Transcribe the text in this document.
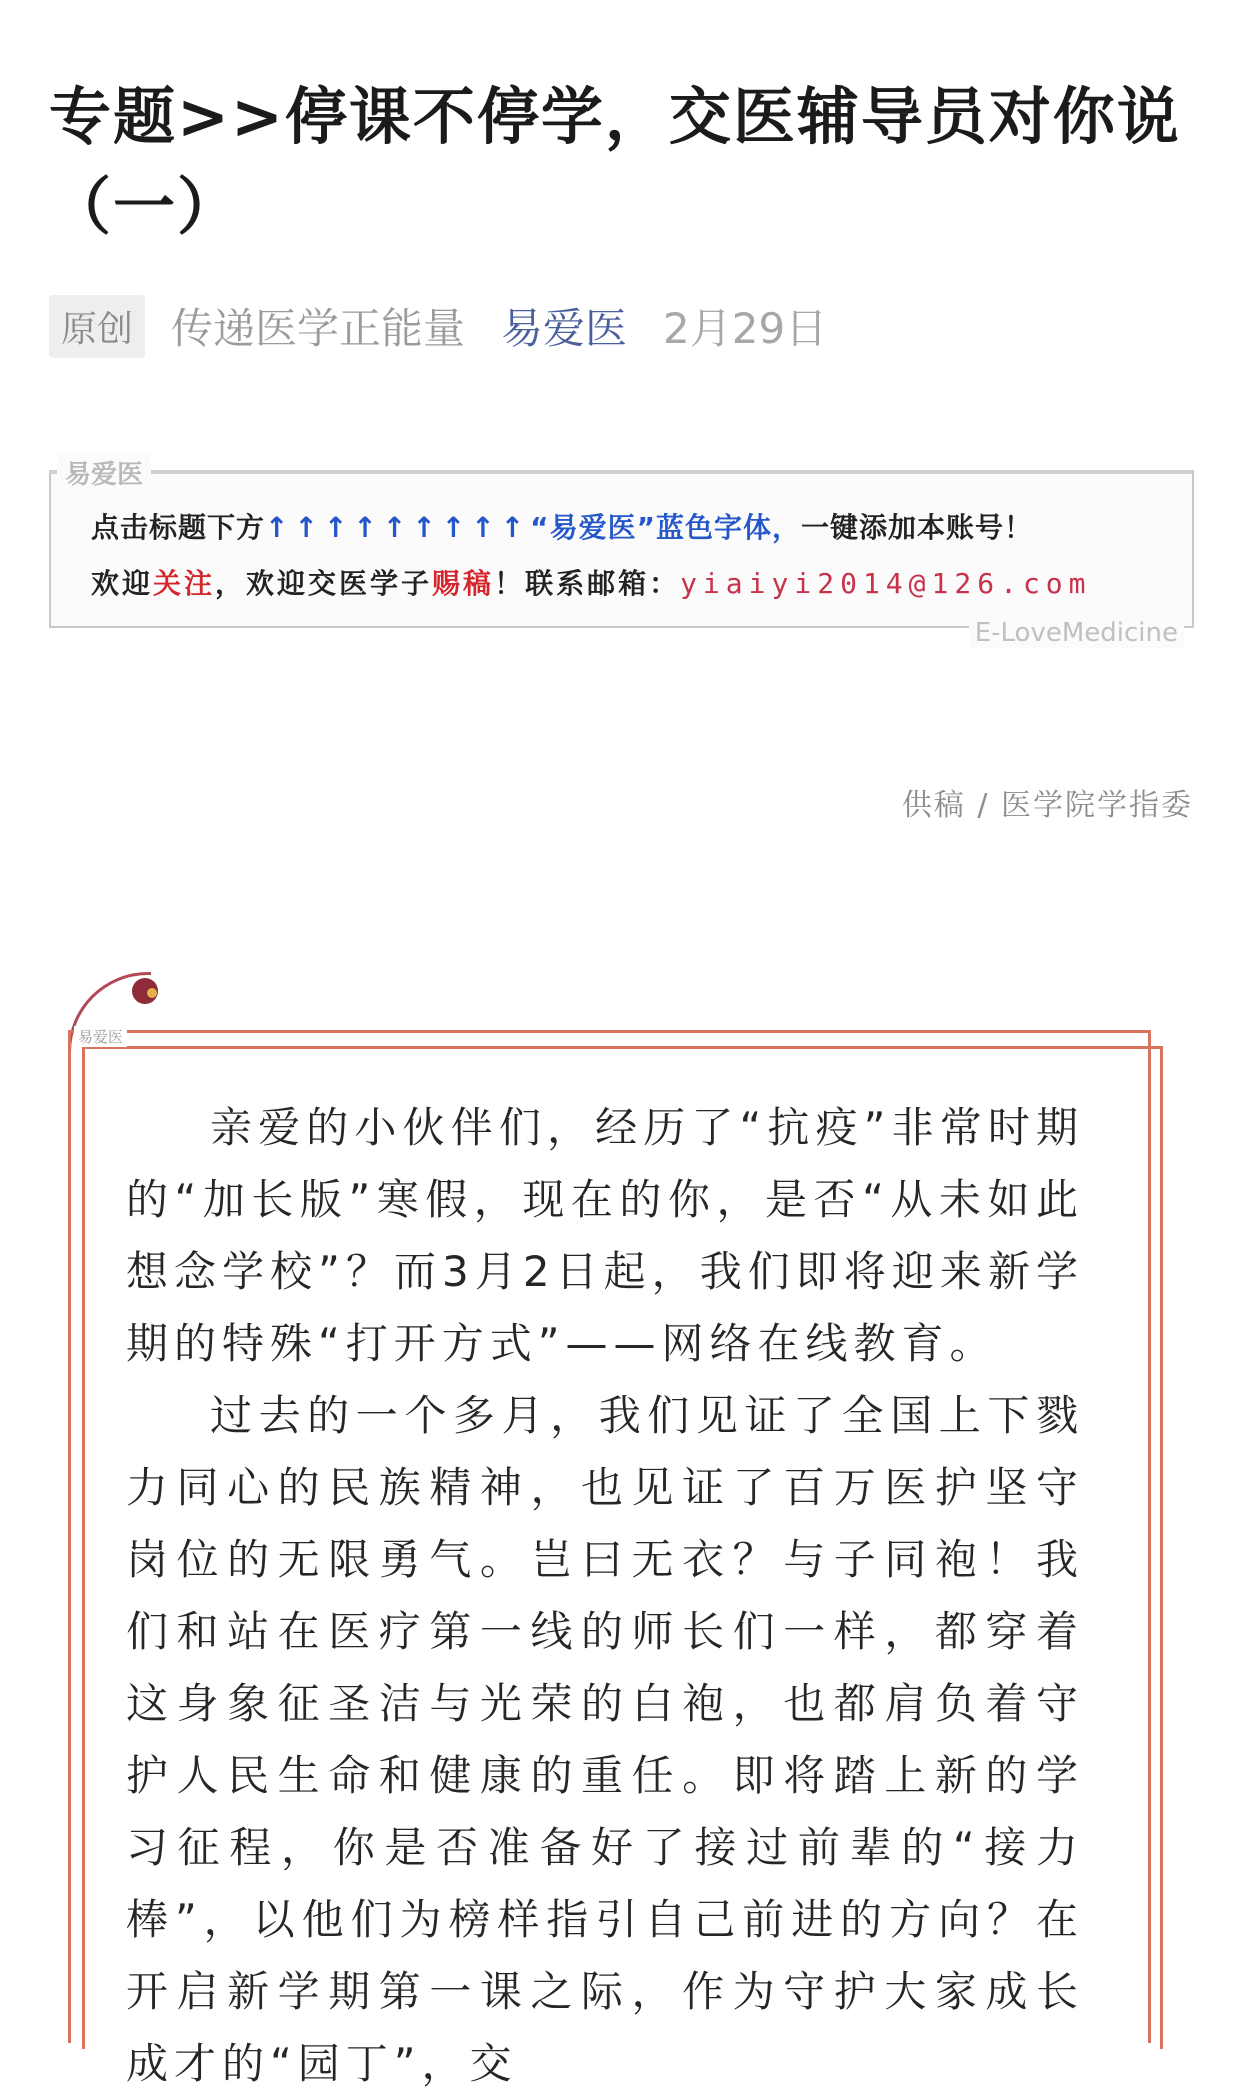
专题>>停课不停学，交医辅导员对你说（一）
原创 传递医学正能量 易爱医 2月29日
易爱医
点击标题下方↑↑↑↑↑↑↑↑↑“易爱医”蓝色字体，一键添加本账号！
欢迎关注，欢迎交医学子赐稿！联系邮箱：yiaiyi2014@126.com
E-LoveMedicine
供稿 / 医学院学指委
易爱医

亲爱的小伙伴们，经历了“抗疫”非常时期的“加长版”寒假，现在的你，是否“从未如此想念学校”？而3月2日起，我们即将迎来新学期的特殊“打开方式”——网络在线教育。

过去的一个多月，我们见证了全国上下戮力同心的民族精神，也见证了百万医护坚守岗位的无限勇气。岂曰无衣？与子同袍！我们和站在医疗第一线的师长们一样，都穿着这身象征圣洁与光荣的白袍，也都肩负着守护人民生命和健康的重任。即将踏上新的学习征程，你是否准备好了接过前辈的“接力棒”，以他们为榜样指引自己前进的方向？在开启新学期第一课之际，作为守护大家成长成才的“园丁”，交
